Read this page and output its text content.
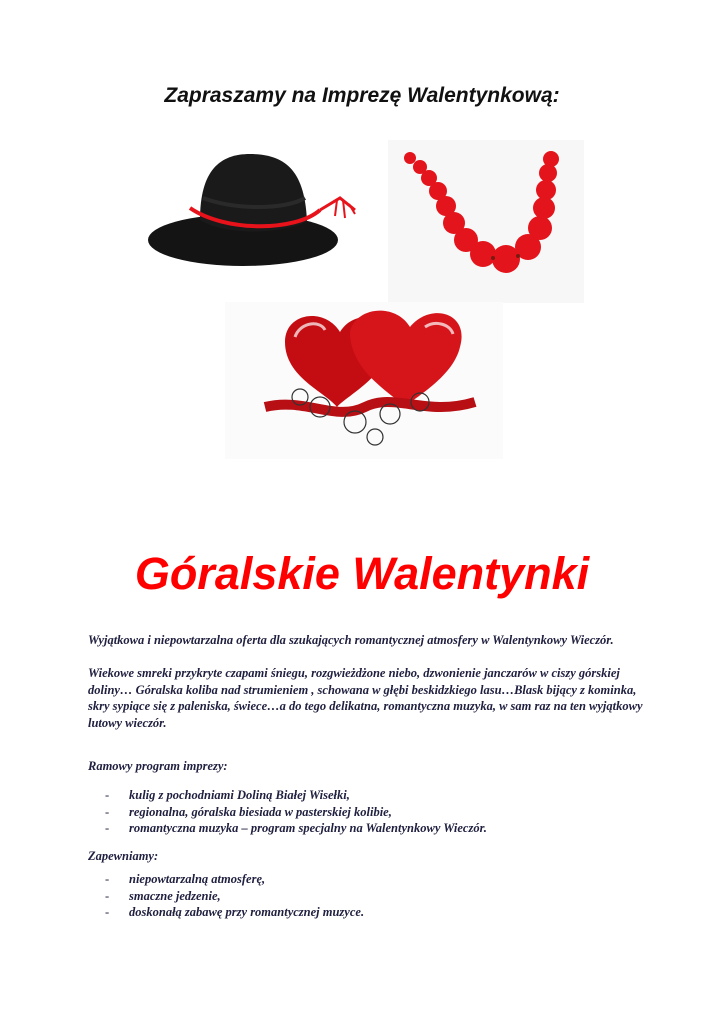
Zapraszamy na Imprezę Walentynkową:
Góralskie Walentynki
Wyjątkowa i niepowtarzalna oferta dla szukających romantycznej atmosfery w Walentynkowy Wieczór.
Wiekowe smreki przykryte czapami śniegu, rozgwieżdżone niebo, dzwonienie janczarów w ciszy górskiej doliny… Góralska koliba nad strumieniem , schowana w głębi beskidzkiego lasu…Blask bijący z kominka, skry sypiące się z paleniska, świece…a do tego delikatna, romantyczna muzyka, w sam raz na ten wyjątkowy lutowy wieczór.
Ramowy program imprezy:
- kulig z pochodniami Doliną Białej Wisełki,
- regionalna, góralska biesiada w pasterskiej kolibie,
- romantyczna muzyka – program specjalny na Walentynkowy Wieczór.
Zapewniamy:
- niepowtarzalną atmosferę,
- smaczne jedzenie,
- doskonałą zabawę przy romantycznej muzyce.
